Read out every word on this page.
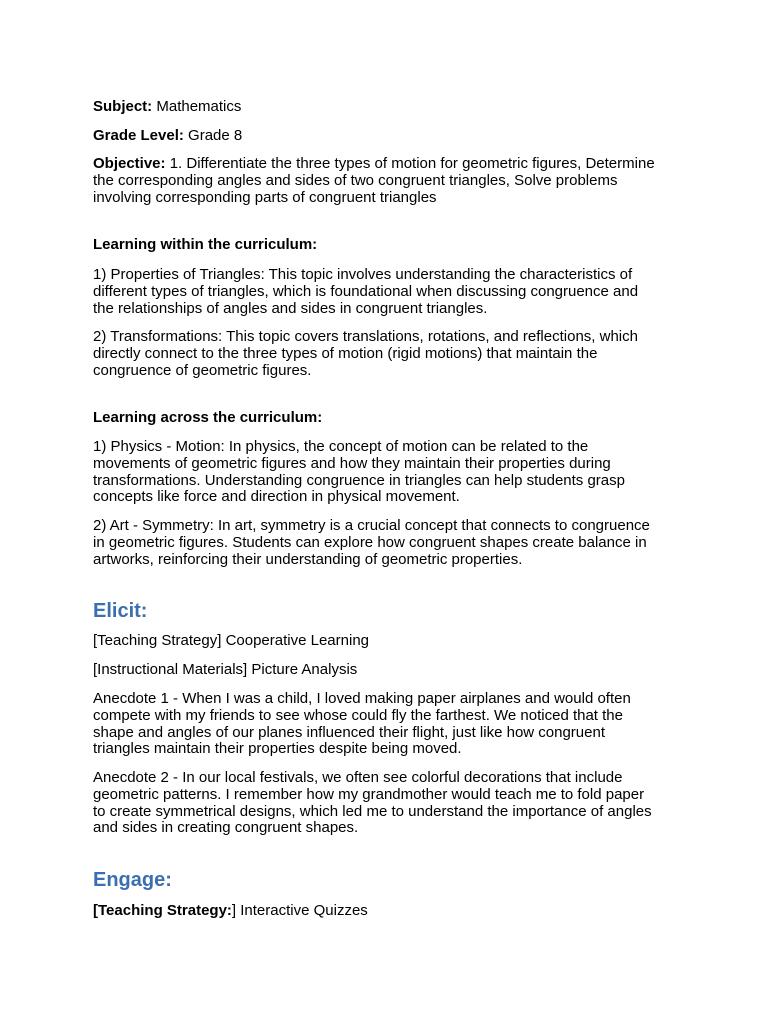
Subject: Mathematics
Grade Level: Grade 8
Objective: 1. Differentiate the three types of motion for geometric figures, Determine
the corresponding angles and sides of two congruent triangles, Solve problems
involving corresponding parts of congruent triangles
Learning within the curriculum:
1) Properties of Triangles: This topic involves understanding the characteristics of
different types of triangles, which is foundational when discussing congruence and
the relationships of angles and sides in congruent triangles.
2) Transformations: This topic covers translations, rotations, and reflections, which
directly connect to the three types of motion (rigid motions) that maintain the
congruence of geometric figures.
Learning across the curriculum:
1) Physics - Motion: In physics, the concept of motion can be related to the
movements of geometric figures and how they maintain their properties during
transformations. Understanding congruence in triangles can help students grasp
concepts like force and direction in physical movement.
2) Art - Symmetry: In art, symmetry is a crucial concept that connects to congruence
in geometric figures. Students can explore how congruent shapes create balance in
artworks, reinforcing their understanding of geometric properties.
Elicit:
[Teaching Strategy] Cooperative Learning
[Instructional Materials] Picture Analysis
Anecdote 1 - When I was a child, I loved making paper airplanes and would often
compete with my friends to see whose could fly the farthest. We noticed that the
shape and angles of our planes influenced their flight, just like how congruent
triangles maintain their properties despite being moved.
Anecdote 2 - In our local festivals, we often see colorful decorations that include
geometric patterns. I remember how my grandmother would teach me to fold paper
to create symmetrical designs, which led me to understand the importance of angles
and sides in creating congruent shapes.
Engage:
[Teaching Strategy:] Interactive Quizzes
